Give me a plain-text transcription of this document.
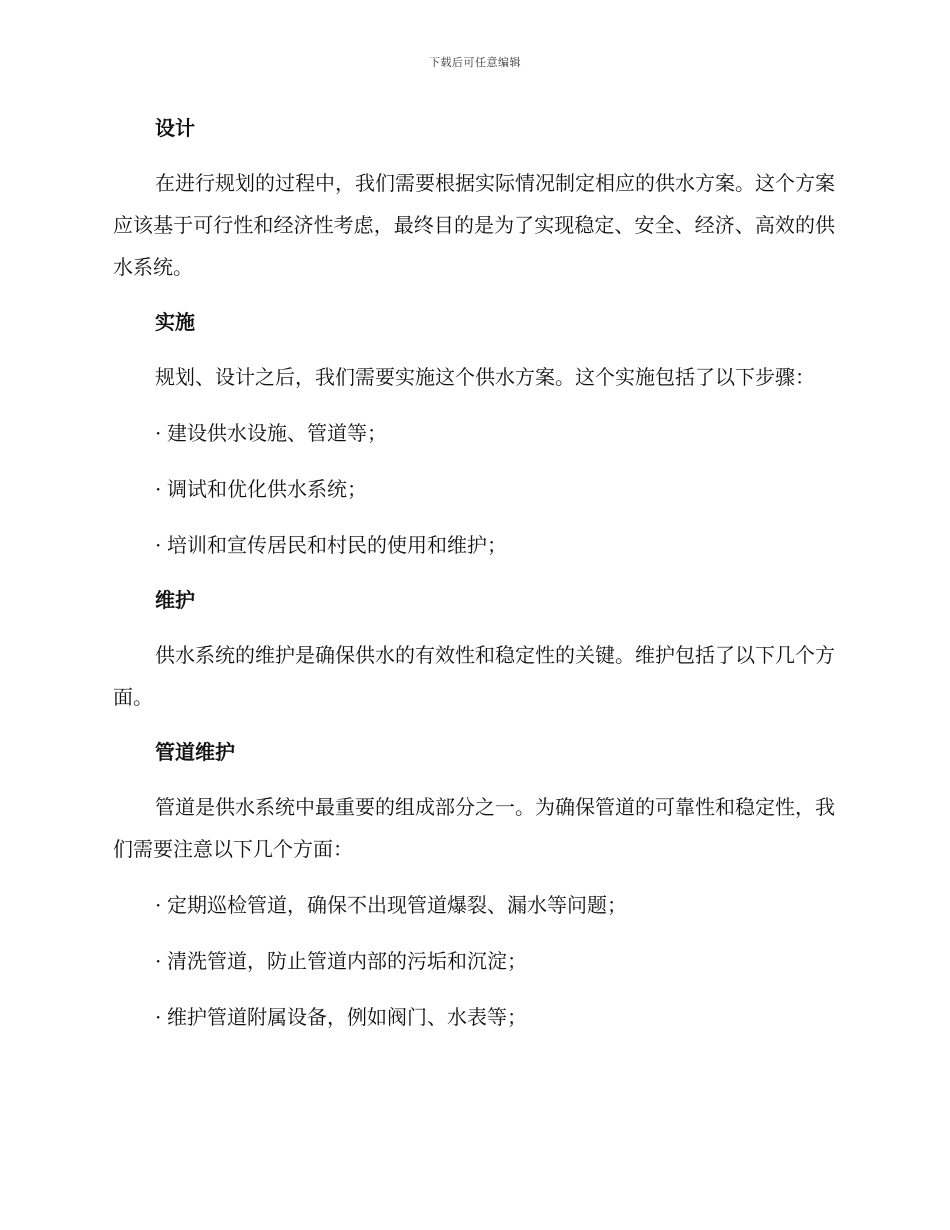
下载后可任意编辑
设计

在进行规划的过程中，我们需要根据实际情况制定相应的供水方案。这个方案应该基于可行性和经济性考虑，最终目的是为了实现稳定、安全、经济、高效的供水系统。

实施

规划、设计之后，我们需要实施这个供水方案。这个实施包括了以下步骤：

· 建设供水设施、管道等；
· 调试和优化供水系统；
· 培训和宣传居民和村民的使用和维护；
维护

供水系统的维护是确保供水的有效性和稳定性的关键。维护包括了以下几个方面。

管道维护

管道是供水系统中最重要的组成部分之一。为确保管道的可靠性和稳定性，我们需要注意以下几个方面：

· 定期巡检管道，确保不出现管道爆裂、漏水等问题；
· 清洗管道，防止管道内部的污垢和沉淀；
· 维护管道附属设备，例如阀门、水表等；
